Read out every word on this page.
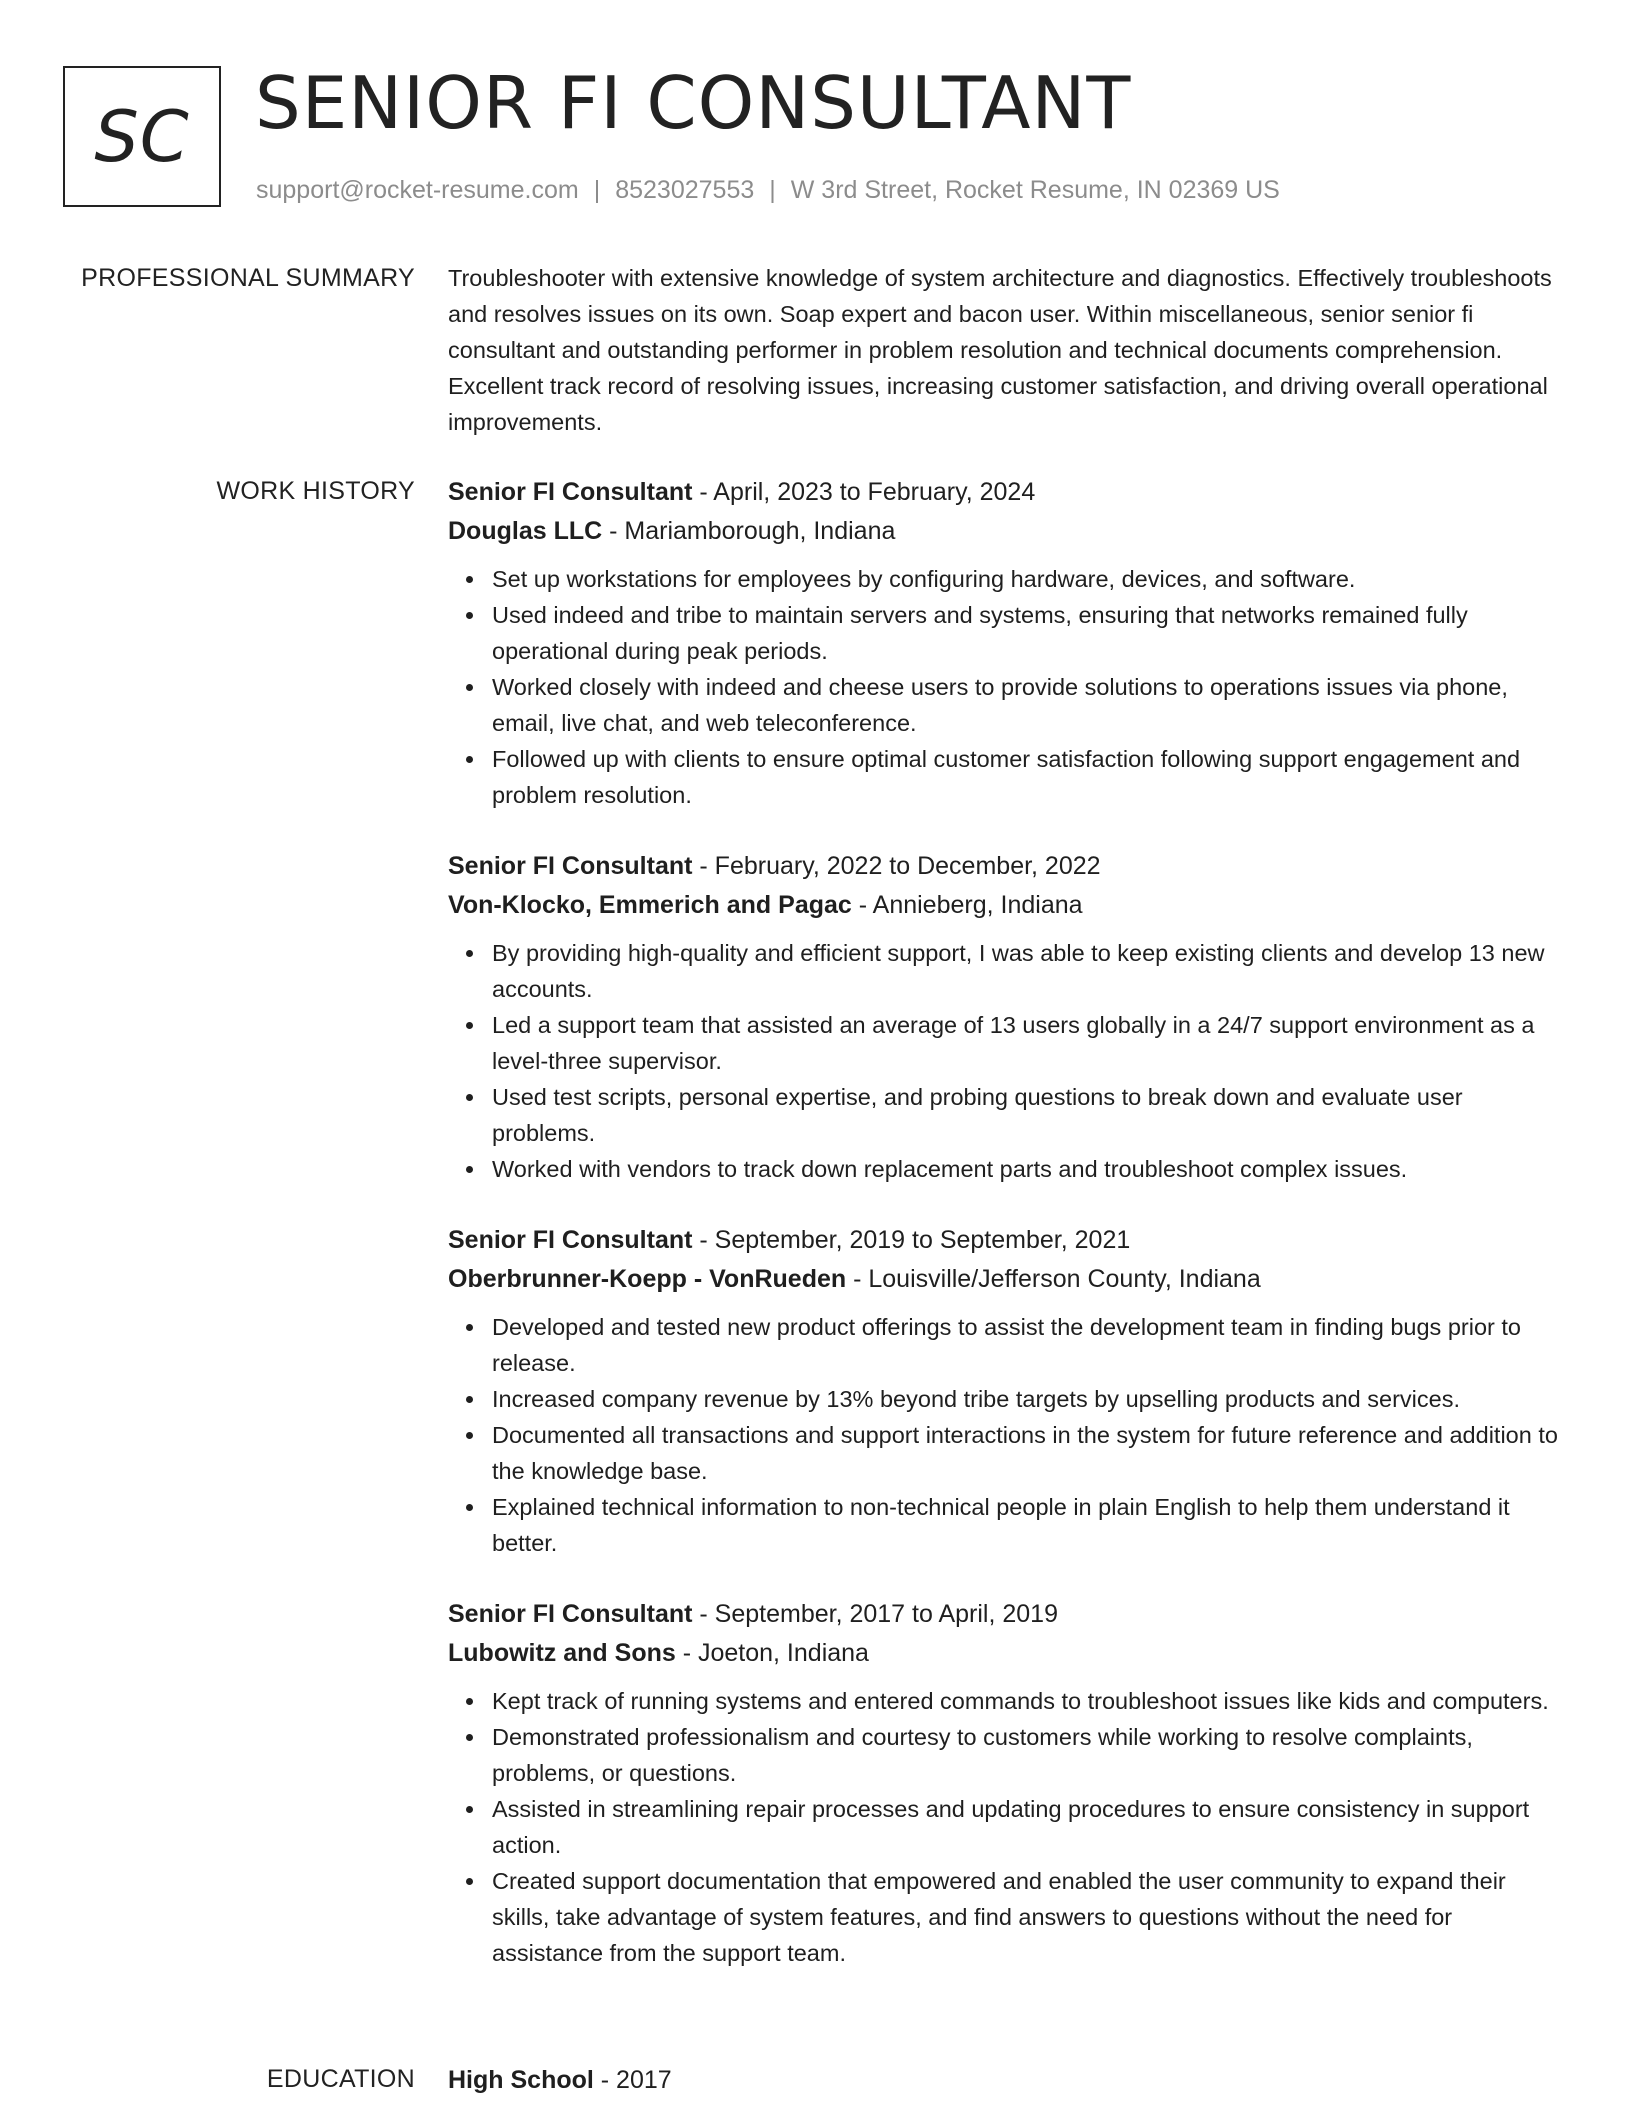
SC SENIOR FI CONSULTANT
support@rocket-resume.com | 8523027553 | W 3rd Street, Rocket Resume, IN 02369 US
PROFESSIONAL SUMMARY Troubleshooter with extensive knowledge of system architecture and diagnostics. Effectively troubleshoots and resolves issues on its own. Soap expert and bacon user. Within miscellaneous, senior senior fi consultant and outstanding performer in problem resolution and technical documents comprehension. Excellent track record of resolving issues, increasing customer satisfaction, and driving overall operational improvements.

WORK HISTORY Senior FI Consultant - April, 2023 to February, 2024
Douglas LLC - Mariamborough, Indiana
Set up workstations for employees by configuring hardware, devices, and software.
Used indeed and tribe to maintain servers and systems, ensuring that networks remained fully operational during peak periods.
Worked closely with indeed and cheese users to provide solutions to operations issues via phone, email, live chat, and web teleconference.
Followed up with clients to ensure optimal customer satisfaction following support engagement and problem resolution.
Senior FI Consultant - February, 2022 to December, 2022
Von-Klocko, Emmerich and Pagac - Annieberg, Indiana
By providing high-quality and efficient support, I was able to keep existing clients and develop 13 new accounts.
Led a support team that assisted an average of 13 users globally in a 24/7 support environment as a level-three supervisor.
Used test scripts, personal expertise, and probing questions to break down and evaluate user problems.
Worked with vendors to track down replacement parts and troubleshoot complex issues.
Senior FI Consultant - September, 2019 to September, 2021
Oberbrunner-Koepp - VonRueden - Louisville/Jefferson County, Indiana
Developed and tested new product offerings to assist the development team in finding bugs prior to release.
Increased company revenue by 13% beyond tribe targets by upselling products and services.
Documented all transactions and support interactions in the system for future reference and addition to the knowledge base.
Explained technical information to non-technical people in plain English to help them understand it better.
Senior FI Consultant - September, 2017 to April, 2019
Lubowitz and Sons - Joeton, Indiana
Kept track of running systems and entered commands to troubleshoot issues like kids and computers.
Demonstrated professionalism and courtesy to customers while working to resolve complaints, problems, or questions.
Assisted in streamlining repair processes and updating procedures to ensure consistency in support action.
Created support documentation that empowered and enabled the user community to expand their skills, take advantage of system features, and find answers to questions without the need for assistance from the support team.
EDUCATION High School - 2017
